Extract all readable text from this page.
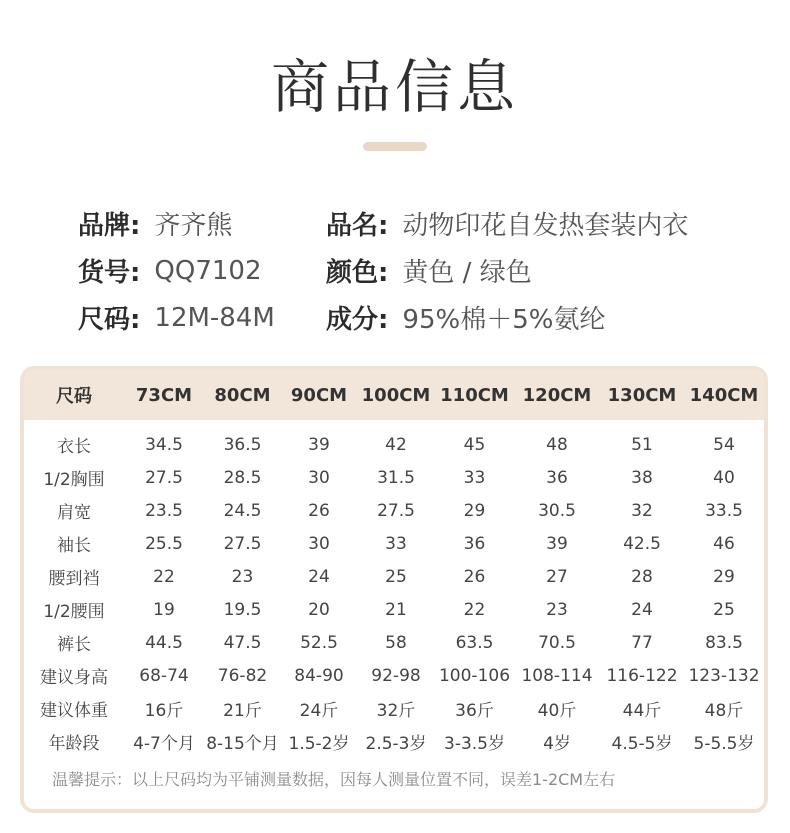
商品信息
品牌: 齐齐熊
货号: QQ7102
尺码: 12M-84M
品名: 动物印花自发热套装内衣
颜色: 黄色 / 绿色
成分: 95%棉＋5%氨纶
尺码	73CM	80CM	90CM 100CM 110CM 120CM 130CM 140CM
衣长	34.5	36.5	39	42	45	48	51	54
1/2胸围	27.5	28.5	30	31.5	33	36	38	40
肩宽	23.5	24.5	26	27.5	29	30.5	32	33.5
袖长	25.5	27.5	30	33	36	39	42.5	46
腰到裆	22	23	24	25	26	27	28	29
1/2腰围	19	19.5	20	21	22	23	24	25
裤长	44.5	47.5	52.5	58	63.5	70.5	77	83.5
建议身高	68-74	76-82	84-90	92-98	100-106 108-114 116-122 123-132
建议体重	16斤	21斤	24斤	32斤	36斤	40斤	44斤	48斤
年龄段	4-7个月 8-15个月 1.5-2岁 2.5-3岁	3-3.5岁	4岁	4.5-5岁	5-5.5岁
温馨提示：以上尺码均为平铺测量数据，因每人测量位置不同，误差1-2CM左右
